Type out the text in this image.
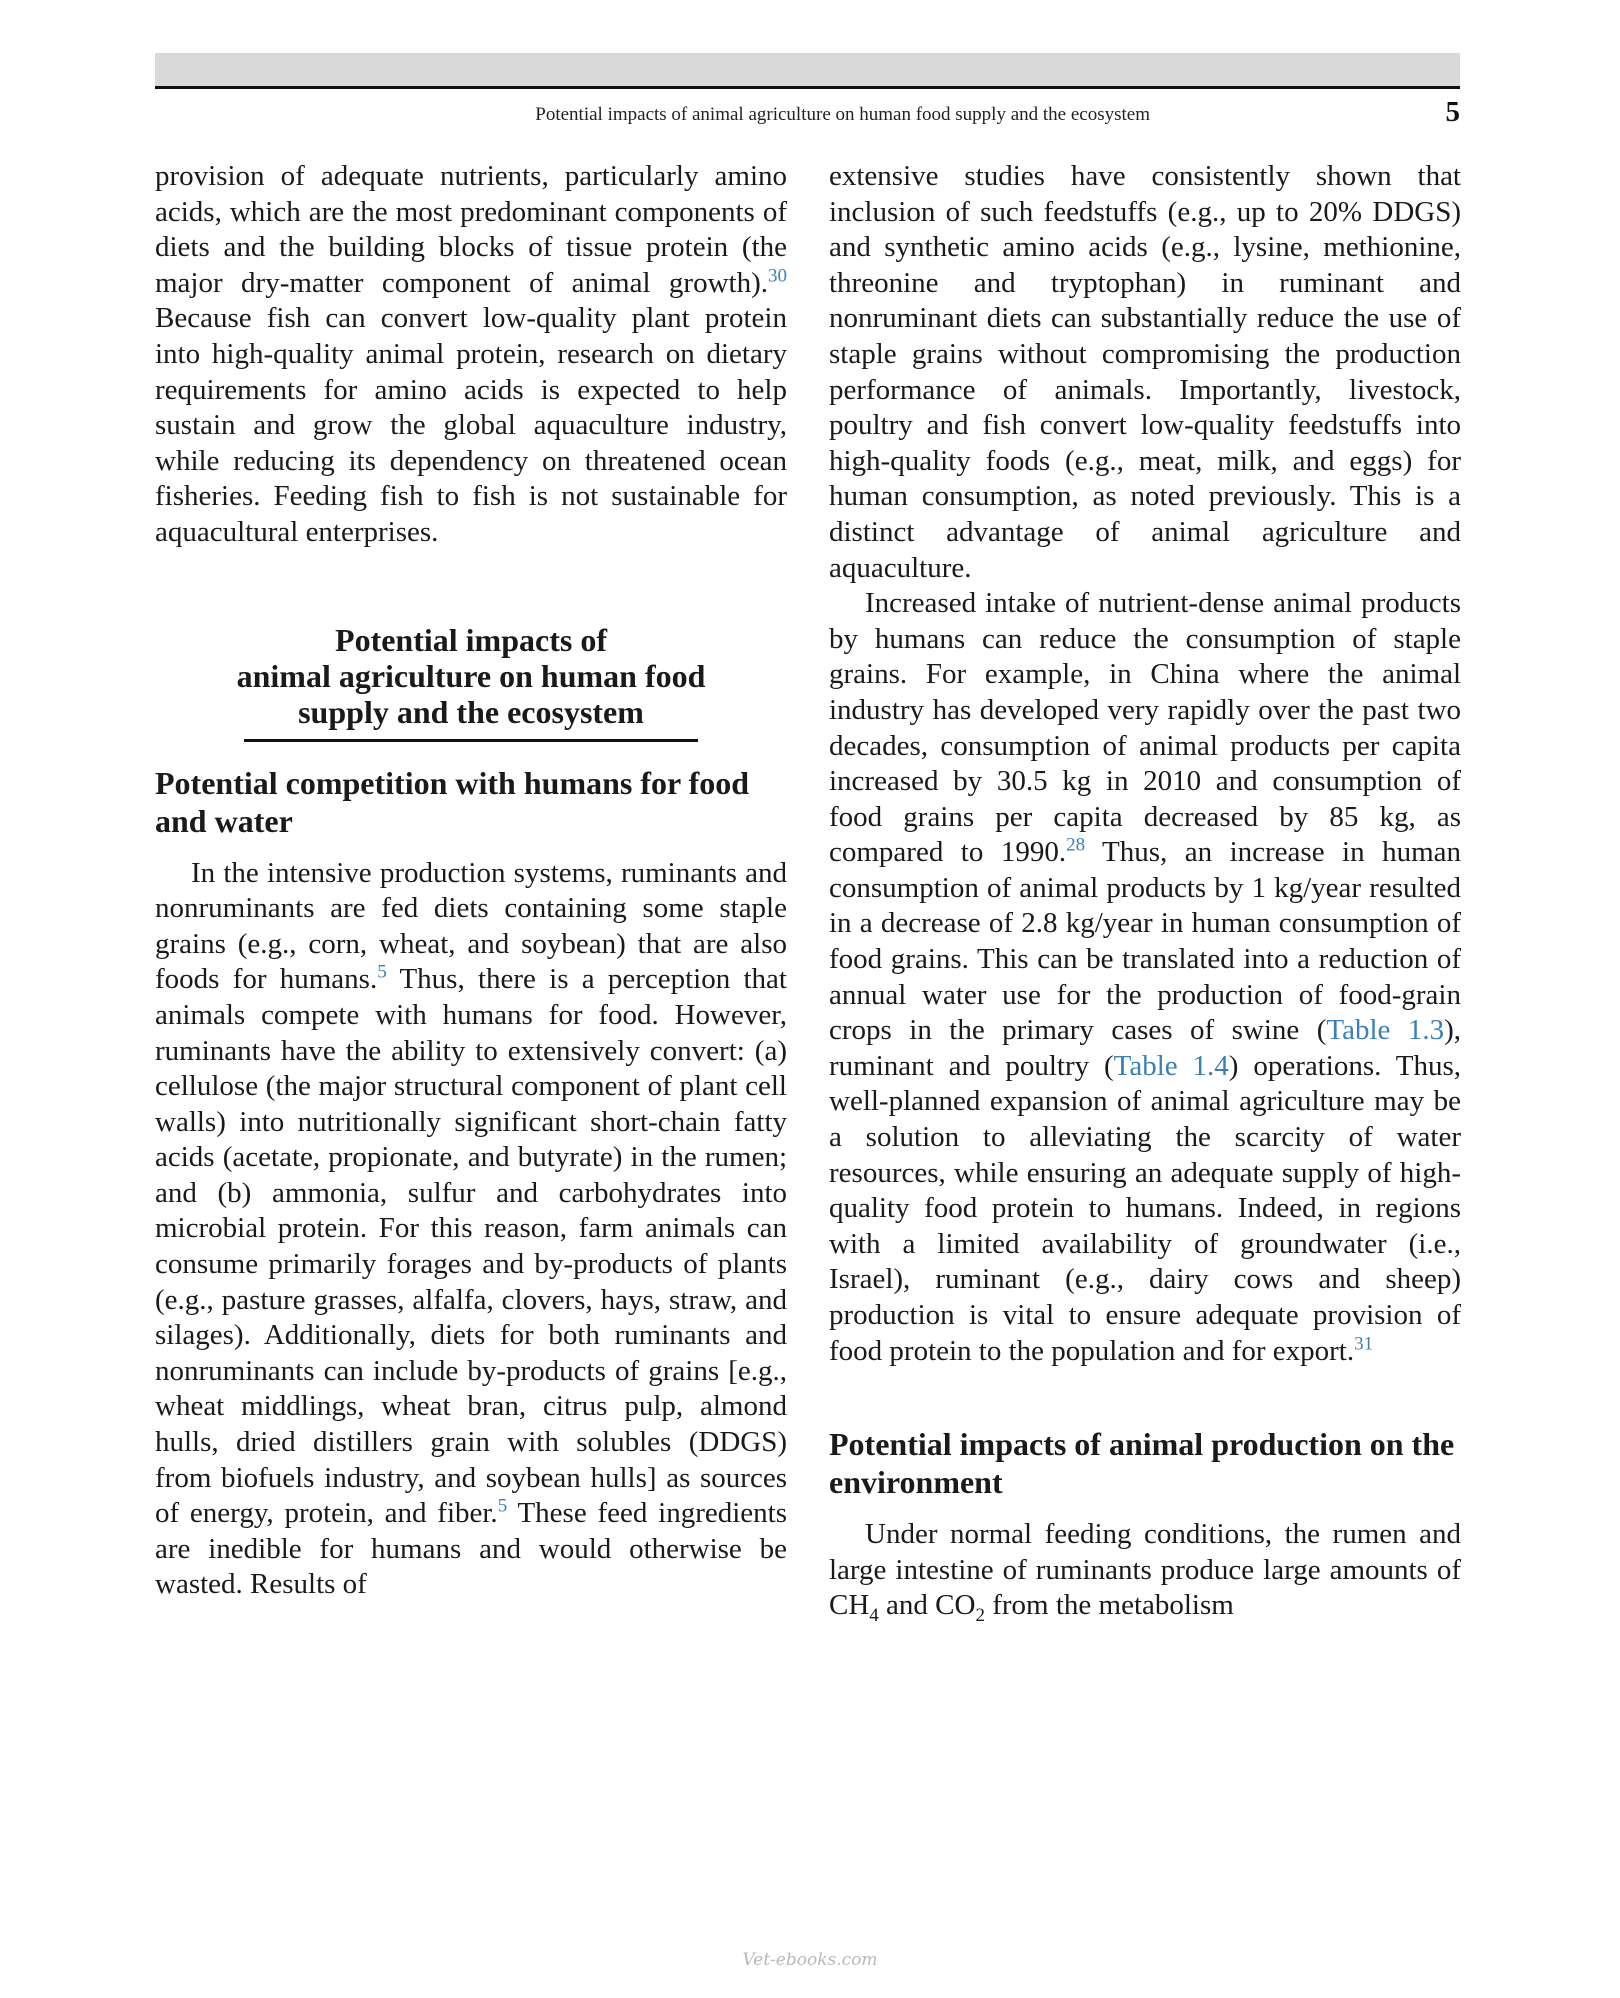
Potential impacts of animal agriculture on human food supply and the ecosystem	5

provision of adequate nutrients, particularly amino acids, which are the most predominant components of diets and the building blocks of tissue protein (the major dry-matter component of animal growth).$^{30}$ Because fish can convert low-quality plant protein into high-quality animal protein, research on dietary requirements for amino acids is expected to help sustain and grow the global aquaculture industry, while reducing its dependency on threatened ocean fisheries. Feeding fish to fish is not sustainable for aquacultural enterprises.

Potential impacts of
animal agriculture on human food
supply and the ecosystem
Potential competition with humans for food and water

In the intensive production systems, ruminants and nonruminants are fed diets containing some staple grains (e.g., corn, wheat, and soybean) that are also foods for humans.$^5$ Thus, there is a perception that animals compete with humans for food. However, ruminants have the ability to extensively convert: (a) cellulose (the major structural component of plant cell walls) into nutritionally significant short-chain fatty acids (acetate, propionate, and butyrate) in the rumen; and (b) ammonia, sulfur and carbohydrates into microbial protein. For this reason, farm animals can consume primarily forages and by-products of plants (e.g., pasture grasses, alfalfa, clovers, hays, straw, and silages). Additionally, diets for both ruminants and nonruminants can include by-products of grains [e.g., wheat middlings, wheat bran, citrus pulp, almond hulls, dried distillers grain with solubles (DDGS) from biofuels industry, and soybean hulls] as sources of energy, protein, and fiber.$^5$ These feed ingredients are inedible for humans and would otherwise be wasted. Results of

extensive studies have consistently shown that inclusion of such feedstuffs (e.g., up to 20% DDGS) and synthetic amino acids (e.g., lysine, methionine, threonine and tryptophan) in ruminant and nonruminant diets can substantially reduce the use of staple grains without compromising the production performance of animals. Importantly, livestock, poultry and fish convert low-quality feedstuffs into high-quality foods (e.g., meat, milk, and eggs) for human consumption, as noted previously. This is a distinct advantage of animal agriculture and aquaculture.

Increased intake of nutrient-dense animal products by humans can reduce the consumption of staple grains. For example, in China where the animal industry has developed very rapidly over the past two decades, consumption of animal products per capita increased by 30.5 kg in 2010 and consumption of food grains per capita decreased by 85 kg, as compared to 1990.28 Thus, an increase in human consumption of animal products by 1 kg/year resulted in a decrease of 2.8 kg/year in human consumption of food grains. This can be translated into a reduction of annual water use for the production of food-grain crops in the primary cases of swine (Table 1.3), ruminant and poultry (Table 1.4) operations. Thus, well-planned expansion of animal agriculture may be a solution to alleviating the scarcity of water resources, while ensuring an adequate supply of high-quality food protein to humans. Indeed, in regions with a limited availability of groundwater (i.e., Israel), ruminant (e.g., dairy cows and sheep) production is vital to ensure adequate provision of food protein to the population and for export.$^{31}$

Potential impacts of animal production on the environment

Under normal feeding conditions, the rumen and large intestine of ruminants produce large amounts of $CH_4$ and $CO_2$ from the metabolism

Vet-ebooks.com
